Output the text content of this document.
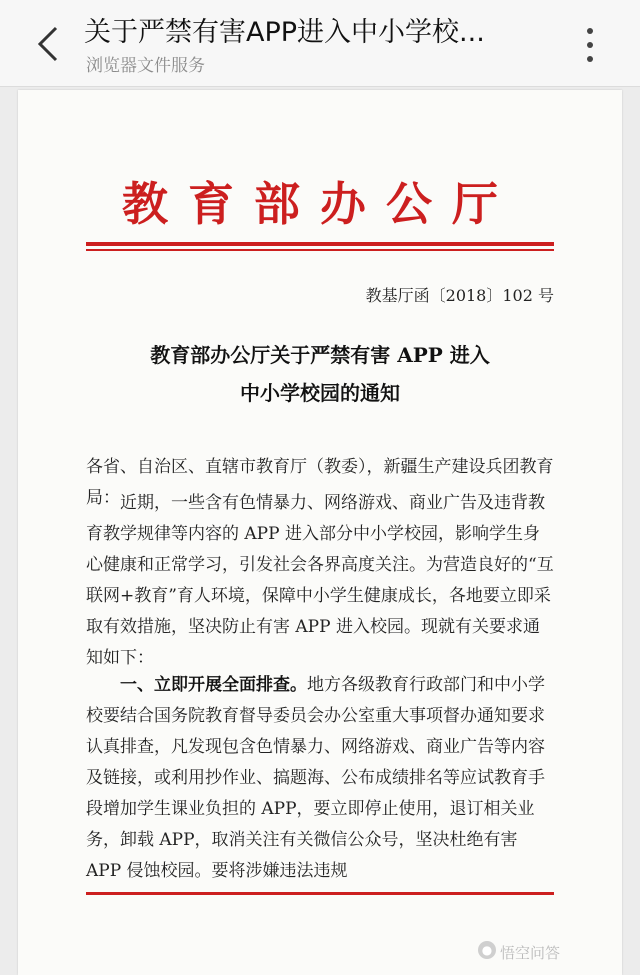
关于严禁有害APP进入中小学校...
浏览器文件服务
教育部办公厅
教基厅函〔2018〕102 号
教育部办公厅关于严禁有害 APP 进入
中小学校园的通知

各省、自治区、直辖市教育厅（教委），新疆生产建设兵团教育局： 近期，一些含有色情暴力、网络游戏、商业广告及违背教育教学规律等内容的 APP 进入部分中小学校园，影响学生身心健康和正常学习，引发社会各界高度关注。为营造良好的“互联网+教育”育人环境，保障中小学生健康成长，各地要立即采取有效措施，坚决防止有害 APP 进入校园。现就有关要求通知如下：

一、立即开展全面排查。地方各级教育行政部门和中小学校要结合国务院教育督导委员会办公室重大事项督办通知要求认真排查，凡发现包含色情暴力、网络游戏、商业广告等内容及链接，或利用抄作业、搞题海、公布成绩排名等应试教育手段增加学生课业负担的 APP，要立即停止使用，退订相关业务，卸载 APP，取消关注有关微信公众号，坚决杜绝有害 APP 侵蚀校园。要将涉嫌违法违规

● 悟空问答
